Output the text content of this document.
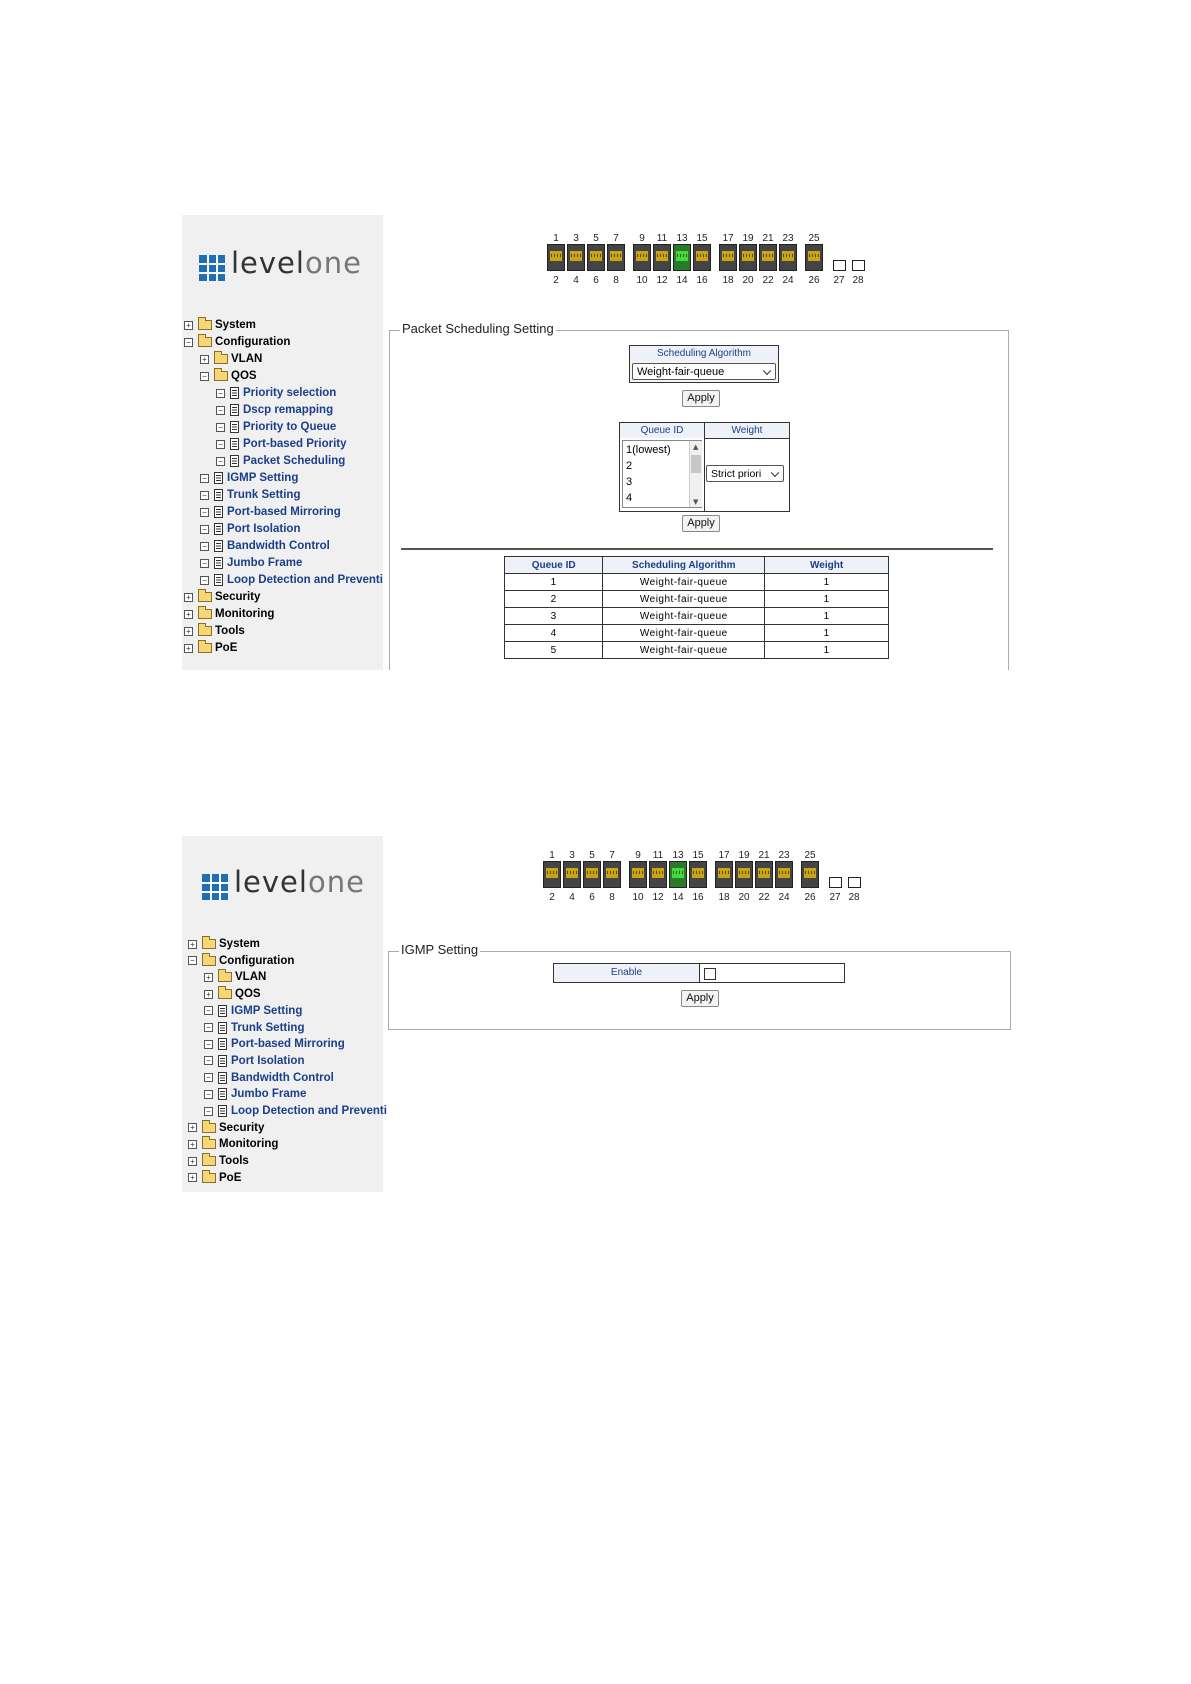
levelone
+ System
− Configuration
+ VLAN
− QOS
− Priority selection
− Dscp remapping
− Priority to Queue
− Port-based Priority
− Packet Scheduling
− IGMP Setting
− Trunk Setting
− Port-based Mirroring
− Port Isolation
− Bandwidth Control
− Jumbo Frame
− Loop Detection and Preventi
+ Security
+ Monitoring
+ Tools
+ PoE
1
2
3
4
5
6
7
8
9
10
11
12
13
14
15
16
17
18
19
20
21
22
23
24
25
26	27 28
Packet Scheduling Setting
Scheduling Algorithm
Weight-fair-queue
Apply
Queue ID	Weight
1(lowest)
2
3
4
▲
▼
Strict priori
Apply
Queue ID	Scheduling Algorithm	Weight
1	Weight-fair-queue	1
2	Weight-fair-queue	1
3	Weight-fair-queue	1
4	Weight-fair-queue	1
5	Weight-fair-queue	1
levelone
+ System
− Configuration
+ VLAN
+ QOS
− IGMP Setting
− Trunk Setting
− Port-based Mirroring
− Port Isolation
− Bandwidth Control
− Jumbo Frame
− Loop Detection and Preventi
+ Security
+ Monitoring
+ Tools
+ PoE
1
2
3
4
5
6
7
8
9
10
11
12
13
14
15
16
17
18
19
20
21
22
23
24
25
26	27 28
IGMP Setting
Enable
Apply
